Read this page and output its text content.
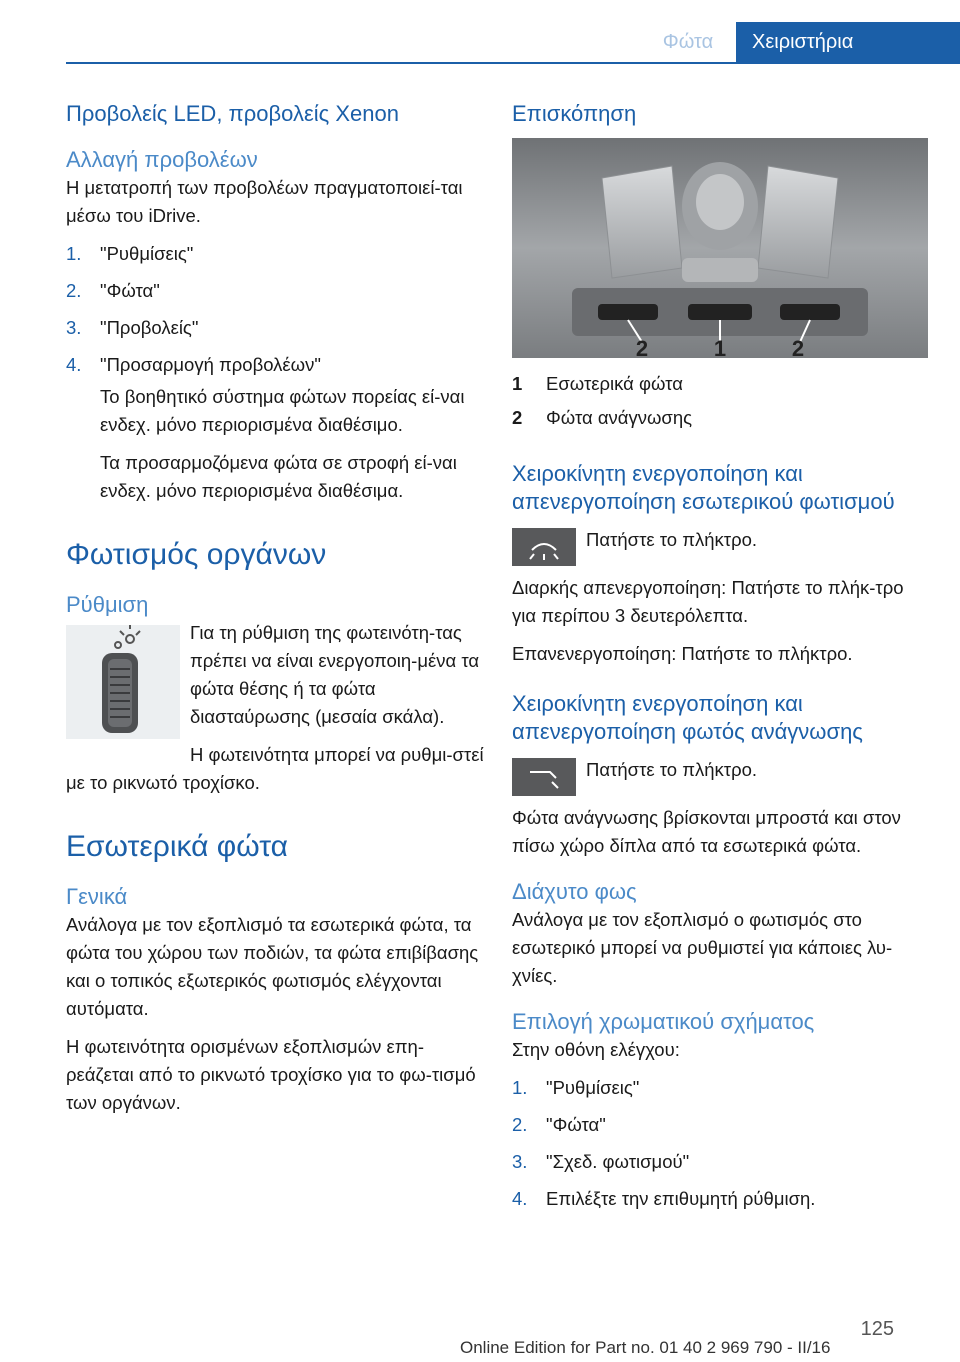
Φώτα	Χειριστήρια
Προβολείς LED, προβολείς Xenon
Αλλαγή προβολέων
Η μετατροπή των προβολέων πραγματοποιεί-ται μέσω του iDrive.
1. "Ρυθμίσεις"
2. "Φώτα"
3. "Προβολείς"
4. "Προσαρμογή προβολέων"
Το βοηθητικό σύστημα φώτων πορείας εί-ναι ενδεχ. μόνο περιορισμένα διαθέσιμο.
Τα προσαρμοζόμενα φώτα σε στροφή εί-ναι ενδεχ. μόνο περιορισμένα διαθέσιμα.
Φωτισμός οργάνων
Ρύθμιση
Για τη ρύθμιση της φωτεινότη-τας πρέπει να είναι ενεργοποιη-μένα τα φώτα θέσης ή τα φώτα διασταύρωσης (μεσαία σκάλα).
Η φωτεινότητα μπορεί να ρυθμι-στεί με το ρικνωτό τροχίσκο.
Εσωτερικά φώτα
Γενικά
Ανάλογα με τον εξοπλισμό τα εσωτερικά φώτα, τα φώτα του χώρου των ποδιών, τα φώτα επιβίβασης και ο τοπικός εξωτερικός φωτισμός ελέγχονται αυτόματα.
Η φωτεινότητα ορισμένων εξοπλισμών επη-ρεάζεται από το ρικνωτό τροχίσκο για το φω-τισμό των οργάνων.
Επισκόπηση
2	1	2
1	Εσωτερικά φώτα
2	Φώτα ανάγνωσης
Χειροκίνητη ενεργοποίηση και απενεργοποίηση εσωτερικού φωτισμού
Πατήστε το πλήκτρο.
Διαρκής απενεργοποίηση: Πατήστε το πλήκ-τρο για περίπου 3 δευτερόλεπτα.
Επανενεργοποίηση: Πατήστε το πλήκτρο.
Χειροκίνητη ενεργοποίηση και απενεργοποίηση φωτός ανάγνωσης
Πατήστε το πλήκτρο.
Φώτα ανάγνωσης βρίσκονται μπροστά και στον πίσω χώρο δίπλα από τα εσωτερικά φώτα.
Διάχυτο φως
Ανάλογα με τον εξοπλισμό ο φωτισμός στο εσωτερικό μπορεί να ρυθμιστεί για κάποιες λυ-χνίες.
Επιλογή χρωματικού σχήματος
Στην οθόνη ελέγχου:
1. "Ρυθμίσεις"
2. "Φώτα"
3. "Σχεδ. φωτισμού"
4. Επιλέξτε την επιθυμητή ρύθμιση.
125
Online Edition for Part no. 01 40 2 969 790 - II/16
